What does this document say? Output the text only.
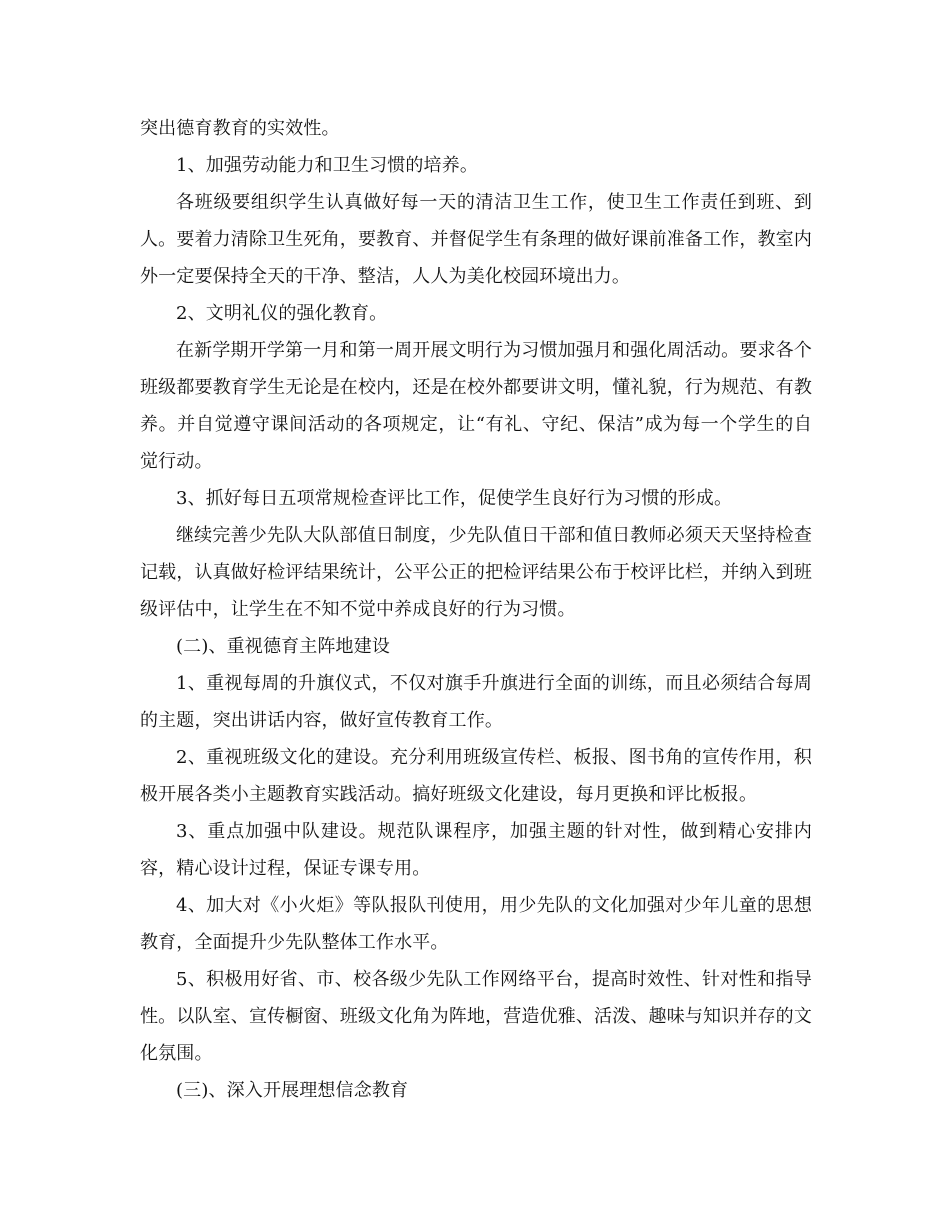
突出德育教育的实效性。

1、加强劳动能力和卫生习惯的培养。

各班级要组织学生认真做好每一天的清洁卫生工作，使卫生工作责任到班、到人。要着力清除卫生死角，要教育、并督促学生有条理的做好课前准备工作，教室内外一定要保持全天的干净、整洁，人人为美化校园环境出力。

2、文明礼仪的强化教育。

在新学期开学第一月和第一周开展文明行为习惯加强月和强化周活动。要求各个班级都要教育学生无论是在校内，还是在校外都要讲文明，懂礼貌，行为规范、有教养。并自觉遵守课间活动的各项规定，让“有礼、守纪、保洁”成为每一个学生的自觉行动。

3、抓好每日五项常规检查评比工作，促使学生良好行为习惯的形成。

继续完善少先队大队部值日制度，少先队值日干部和值日教师必须天天坚持检查记载，认真做好检评结果统计，公平公正的把检评结果公布于校评比栏，并纳入到班级评估中，让学生在不知不觉中养成良好的行为习惯。

(二)、重视德育主阵地建设

1、重视每周的升旗仪式，不仅对旗手升旗进行全面的训练，而且必须结合每周的主题，突出讲话内容，做好宣传教育工作。

2、重视班级文化的建设。充分利用班级宣传栏、板报、图书角的宣传作用，积极开展各类小主题教育实践活动。搞好班级文化建设，每月更换和评比板报。

3、重点加强中队建设。规范队课程序，加强主题的针对性，做到精心安排内容，精心设计过程，保证专课专用。

4、加大对《小火炬》等队报队刊使用，用少先队的文化加强对少年儿童的思想教育，全面提升少先队整体工作水平。

5、积极用好省、市、校各级少先队工作网络平台，提高时效性、针对性和指导性。以队室、宣传橱窗、班级文化角为阵地，营造优雅、活泼、趣味与知识并存的文化氛围。

(三)、深入开展理想信念教育
